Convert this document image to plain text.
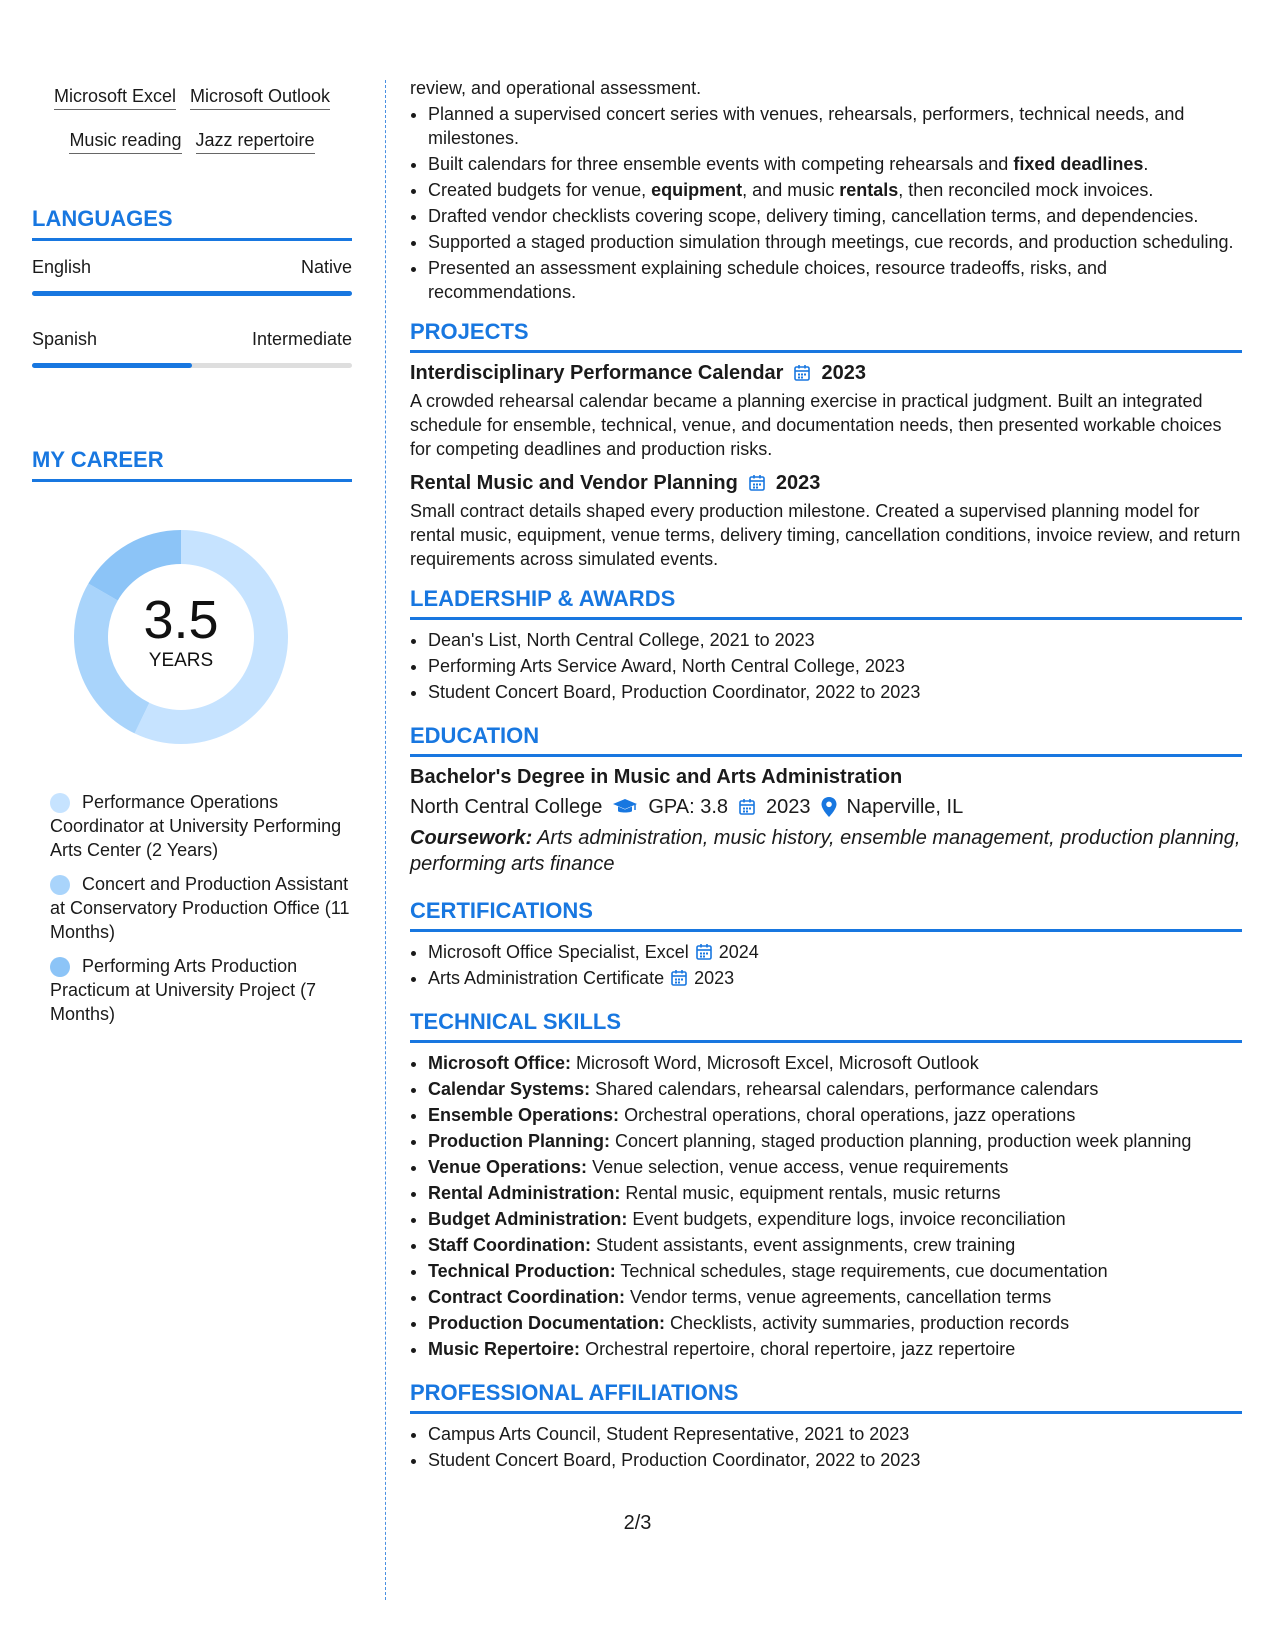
Microsoft Excel Microsoft Outlook
Music reading Jazz repertoire
LANGUAGES
English	Native
Spanish	Intermediate
MY CAREER
3.5
YEARS
Performance Operations Coordinator at University Performing Arts Center (2 Years)
Concert and Production Assistant at Conservatory Production Office (11 Months)
Performing Arts Production Practicum at University Project (7 Months)

review, and operational assessment.

• Planned a supervised concert series with venues, rehearsals, performers, technical needs, and milestones.
• Built calendars for three ensemble events with competing rehearsals and fixed deadlines.
• Created budgets for venue, equipment, and music rentals, then reconciled mock invoices.
• Drafted vendor checklists covering scope, delivery timing, cancellation terms, and dependencies.
• Supported a staged production simulation through meetings, cue records, and production scheduling.
• Presented an assessment explaining schedule choices, resource tradeoffs, risks, and recommendations.
PROJECTS
Interdisciplinary Performance Calendar 2023

A crowded rehearsal calendar became a planning exercise in practical judgment. Built an integrated schedule for ensemble, technical, venue, and documentation needs, then presented workable choices for competing deadlines and production risks.

Rental Music and Vendor Planning 2023

Small contract details shaped every production milestone. Created a supervised planning model for rental music, equipment, venue terms, delivery timing, cancellation conditions, invoice review, and return requirements across simulated events.

LEADERSHIP & AWARDS
• Dean's List, North Central College, 2021 to 2023
• Performing Arts Service Award, North Central College, 2023
• Student Concert Board, Production Coordinator, 2022 to 2023
EDUCATION
Bachelor's Degree in Music and Arts Administration
North Central College GPA: 3.8 2023 Naperville, IL
Coursework: Arts administration, music history, ensemble management, production planning, performing arts finance
CERTIFICATIONS
• Microsoft Office Specialist, Excel 2024
• Arts Administration Certificate 2023
TECHNICAL SKILLS
• Microsoft Office: Microsoft Word, Microsoft Excel, Microsoft Outlook
• Calendar Systems: Shared calendars, rehearsal calendars, performance calendars
• Ensemble Operations: Orchestral operations, choral operations, jazz operations
• Production Planning: Concert planning, staged production planning, production week planning
• Venue Operations: Venue selection, venue access, venue requirements
• Rental Administration: Rental music, equipment rentals, music returns
• Budget Administration: Event budgets, expenditure logs, invoice reconciliation
• Staff Coordination: Student assistants, event assignments, crew training
• Technical Production: Technical schedules, stage requirements, cue documentation
• Contract Coordination: Vendor terms, venue agreements, cancellation terms
• Production Documentation: Checklists, activity summaries, production records
• Music Repertoire: Orchestral repertoire, choral repertoire, jazz repertoire
PROFESSIONAL AFFILIATIONS
• Campus Arts Council, Student Representative, 2021 to 2023
• Student Concert Board, Production Coordinator, 2022 to 2023
2/3
